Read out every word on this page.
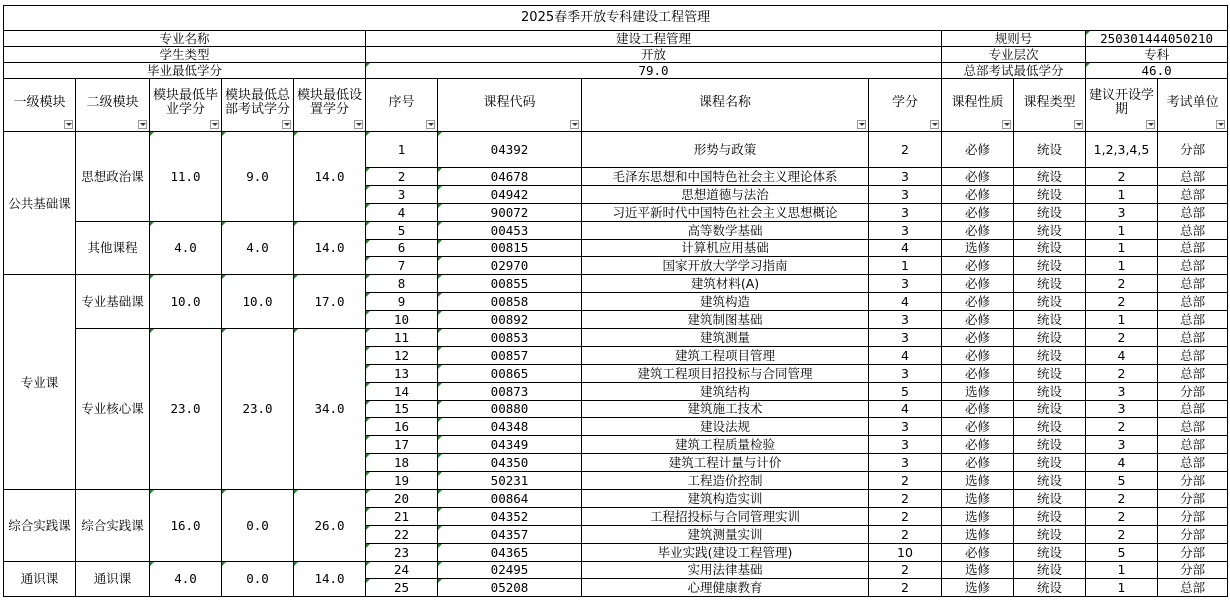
2025春季开放专科建设工程管理												
专业名称					建设工程管理				规则号		250301444050210	
学生类型					开放				专业层次		专科	
毕业最低学分					79.0				总部考试最低学分		46.0	

一级模块	二级模块	模块最低毕业学分	模块最低总部考试学分	模块最低设置学分	序号	课程代码	课程名称	学分	课程性质	课程类型	建议开设学期	考试单位

公共基础课	思想政治课	11.0	9.0	14.0	1	04392	形势与政策	2	必修	统设	1,2,3,4,5	分部
					2	04678	毛泽东思想和中国特色社会主义理论体系	3	必修	统设	2	总部
					3	04942	思想道德与法治	3	必修	统设	1	总部
					4	90072	习近平新时代中国特色社会主义思想概论	3	必修	统设	3	总部
	其他课程	4.0	4.0	14.0	5	00453	高等数学基础	3	必修	统设	1	总部
					6	00815	计算机应用基础	4	选修	统设	1	总部
					7	02970	国家开放大学学习指南	1	必修	统设	1	总部
专业课	专业基础课	10.0	10.0	17.0	8	00855	建筑材料(A)	3	必修	统设	2	总部
					9	00858	建筑构造	4	必修	统设	2	总部
					10	00892	建筑制图基础	3	必修	统设	1	总部
	专业核心课	23.0	23.0	34.0	11	00853	建筑测量	3	必修	统设	2	总部
					12	00857	建筑工程项目管理	4	必修	统设	4	总部
					13	00865	建筑工程项目招投标与合同管理	3	必修	统设	2	总部
					14	00873	建筑结构	5	选修	统设	3	分部
					15	00880	建筑施工技术	4	必修	统设	3	总部
					16	04348	建设法规	3	必修	统设	2	总部
					17	04349	建筑工程质量检验	3	必修	统设	3	总部
					18	04350	建筑工程计量与计价	3	必修	统设	4	总部
					19	50231	工程造价控制	2	选修	统设	5	分部
综合实践课	综合实践课	16.0	0.0	26.0	20	00864	建筑构造实训	2	选修	统设	2	分部
					21	04352	工程招投标与合同管理实训	2	选修	统设	2	分部
					22	04357	建筑测量实训	2	选修	统设	2	分部
					23	04365	毕业实践(建设工程管理)	10	必修	统设	5	分部
通识课	通识课	4.0	0.0	14.0	24	02495	实用法律基础	2	选修	统设	1	分部
					25	05208	心理健康教育	2	选修	统设	1	总部
